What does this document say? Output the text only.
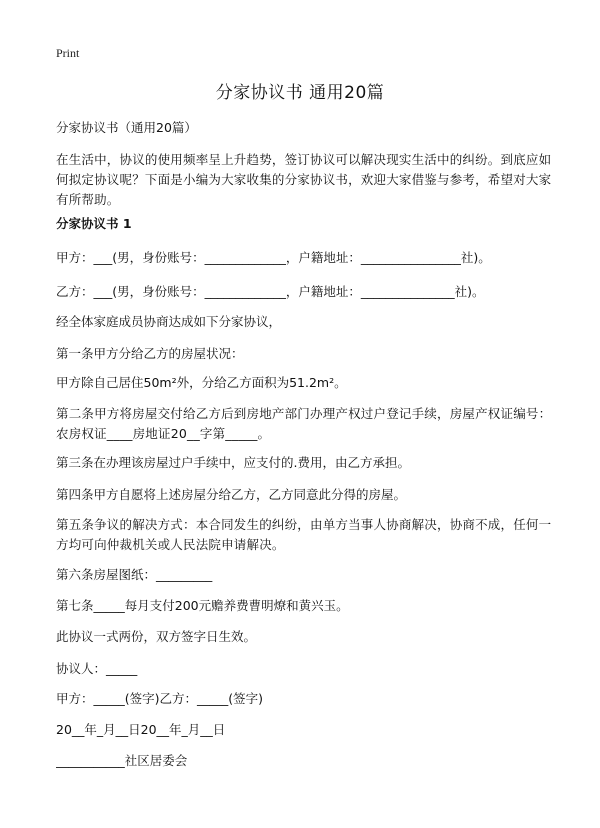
Print
分家协议书 通用20篇

分家协议书（通用20篇）

在生活中，协议的使用频率呈上升趋势，签订协议可以解决现实生活中的纠纷。到底应如何拟定协议呢？下面是小编为大家收集的分家协议书，欢迎大家借鉴与参考，希望对大家有所帮助。

分家协议书 1

甲方：___(男，身份账号：_____________，户籍地址：________________社)。

乙方：___(男，身份账号：_____________，户籍地址：_______________社)。

经全体家庭成员协商达成如下分家协议，

第一条甲方分给乙方的房屋状况：

甲方除自己居住50m²外，分给乙方面积为51.2m²。

第二条甲方将房屋交付给乙方后到房地产部门办理产权过户登记手续，房屋产权证编号：农房权证____房地证20__字第_____。

第三条在办理该房屋过户手续中，应支付的.费用，由乙方承担。

第四条甲方自愿将上述房屋分给乙方，乙方同意此分得的房屋。

第五条争议的解决方式：本合同发生的纠纷，由单方当事人协商解决，协商不成，任何一方均可向仲裁机关或人民法院申请解决。

第六条房屋图纸：_________

第七条_____每月支付200元赡养费曹明燎和黄兴玉。

此协议一式两份，双方签字日生效。

协议人：_____

甲方：_____(签字)乙方：_____(签字)

20__年_月__日20__年_月__日

___________社区居委会
